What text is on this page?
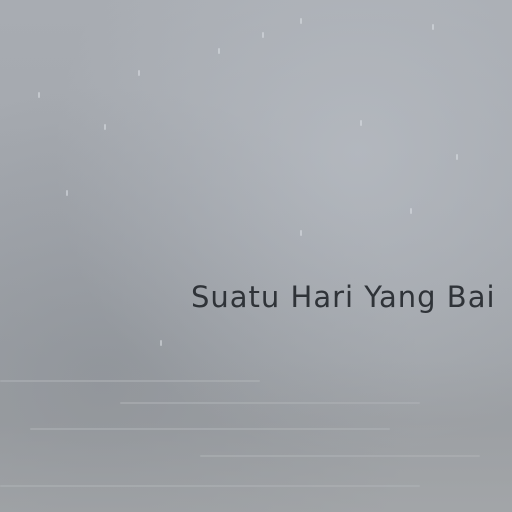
Suatu Hari Yang Bai
